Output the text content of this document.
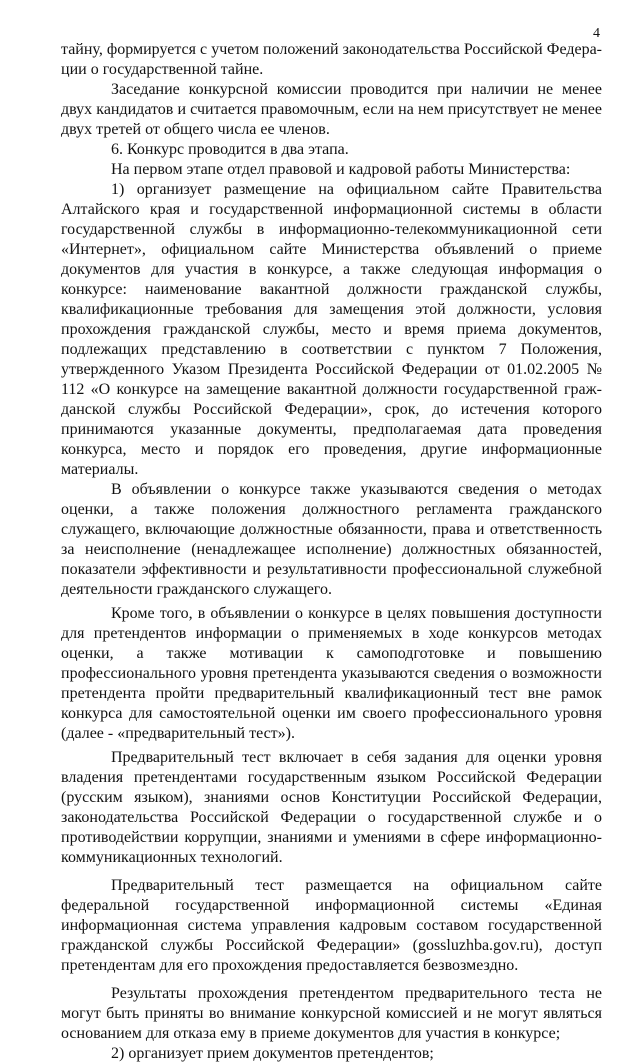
4

тайну, формируется с учетом положений законодательства Российской Федерации о государственной тайне.

Заседание конкурсной комиссии проводится при наличии не менее двух кандидатов и считается правомочным, если на нем присутствует не менее двух третей от общего числа ее членов.

6. Конкурс проводится в два этапа.

На первом этапе отдел правовой и кадровой работы Министерства:

1) организует размещение на официальном сайте Правительства Алтайского края и государственной информационной системы в области государственной службы в информационно-телекоммуникационной сети «Интернет», официальном сайте Министерства объявлений о приеме документов для участия в конкурсе, а также следующая информация о конкурсе: наименование вакантной должности гражданской службы, квалификационные требования для замещения этой должности, условия прохождения гражданской службы, место и время приема документов, подлежащих представлению в соответствии с пунктом 7 Положения, утвержденного Указом Президента Российской Федерации от 01.02.2005 № 112 «О конкурсе на замещение вакантной должности государственной гражданской службы Российской Федерации», срок, до истечения которого принимаются указанные документы, предполагаемая дата проведения конкурса, место и порядок его проведения, другие информационные материалы.

В объявлении о конкурсе также указываются сведения о методах оценки, а также положения должностного регламента гражданского служащего, включающие должностные обязанности, права и ответственность за неисполнение (ненадлежащее исполнение) должностных обязанностей, показатели эффективности и результативности профессиональной служебной деятельности гражданского служащего.

Кроме того, в объявлении о конкурсе в целях повышения доступности для претендентов информации о применяемых в ходе конкурсов методах оценки, а также мотивации к самоподготовке и повышению профессионального уровня претендента указываются сведения о возможности претендента пройти предварительный квалификационный тест вне рамок конкурса для самостоятельной оценки им своего профессионального уровня (далее - «предварительный тест»).

Предварительный тест включает в себя задания для оценки уровня владения претендентами государственным языком Российской Федерации (русским языком), знаниями основ Конституции Российской Федерации, законодательства Российской Федерации о государственной службе и о противодействии коррупции, знаниями и умениями в сфере информационно-коммуникационных технологий.

Предварительный тест размещается на официальном сайте федеральной государственной информационной системы «Единая информационная система управления кадровым составом государственной гражданской службы Российской Федерации» (gossluzhba.gov.ru), доступ претендентам для его прохождения предоставляется безвозмездно.

Результаты прохождения претендентом предварительного теста не могут быть приняты во внимание конкурсной комиссией и не могут являться основанием для отказа ему в приеме документов для участия в конкурсе;

2) организует прием документов претендентов;
